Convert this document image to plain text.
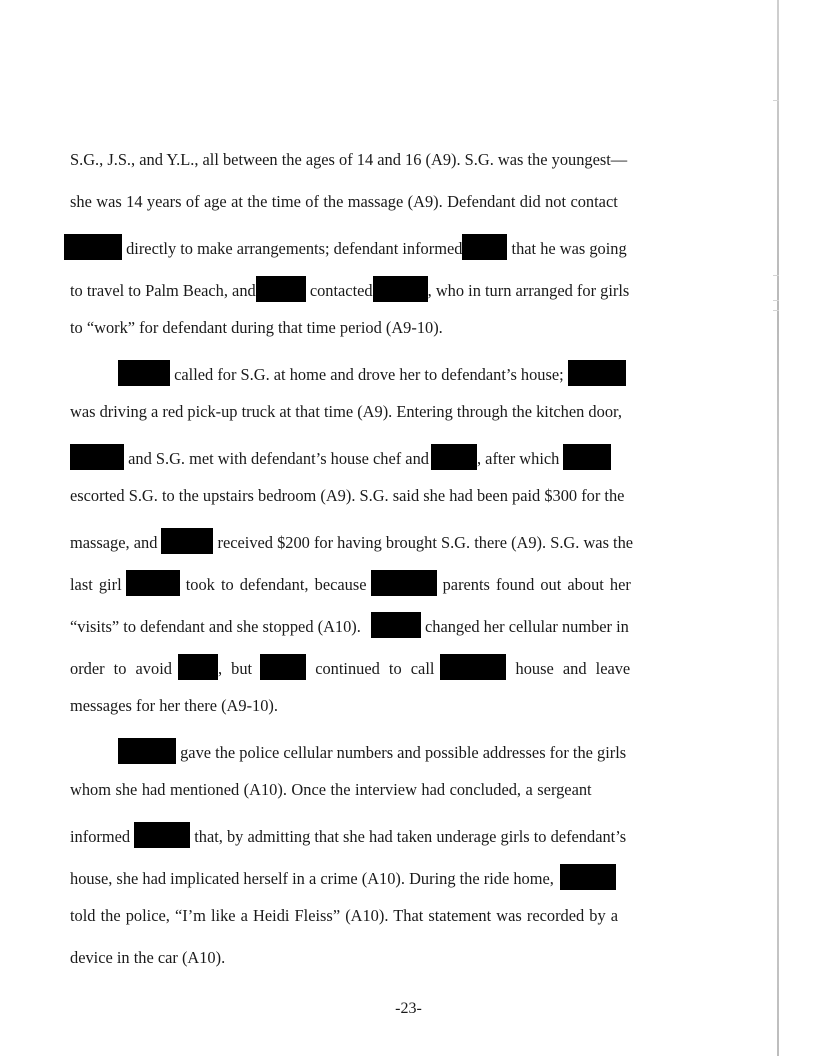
S.G., J.S., and Y.L., all between the ages of 14 and 16 (A9). S.G. was the youngest—
she was 14 years of age at the time of the massage (A9). Defendant did not contact
directly to make arrangements; defendant informed	that he was going
to travel to Palm Beach, and	contacted	, who in turn arranged for girls
to “work” for defendant during that time period (A9-10).
called for S.G. at home and drove her to defendant’s house;
was driving a red pick-up truck at that time (A9). Entering through the kitchen door,
and S.G. met with defendant’s house chef and	, after which
escorted S.G. to the upstairs bedroom (A9). S.G. said she had been paid $300 for the
massage, and	received $200 for having brought S.G. there (A9). S.G. was the
last girl	took to defendant, because	parents found out about her
“visits” to defendant and she stopped (A10).	changed her cellular number in
order to avoid	, but	continued to call	house and leave
messages for her there (A9-10).
gave the police cellular numbers and possible addresses for the girls
whom she had mentioned (A10). Once the interview had concluded, a sergeant
informed	that, by admitting that she had taken underage girls to defendant’s
house, she had implicated herself in a crime (A10). During the ride home,
told the police, “I’m like a Heidi Fleiss” (A10). That statement was recorded by a
device in the car (A10).
-23-
